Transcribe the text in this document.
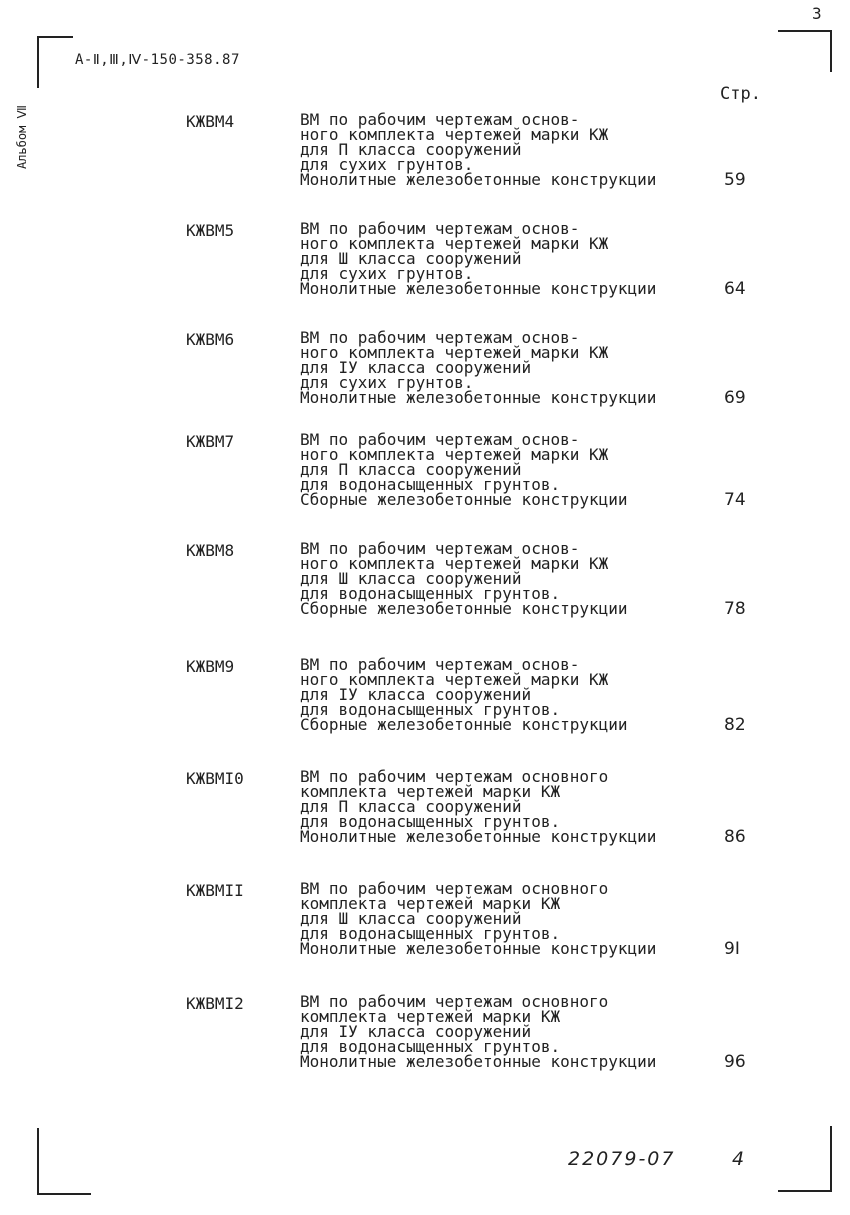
3
А-Ⅱ,Ⅲ,Ⅳ-150-358.87
Стр.
Альбом Ⅶ	КЖВМ4	ВМ по рабочим чертежам основ-
ного комплекта чертежей марки КЖ
для П класса сооружений
для сухих грунтов.
Монолитные железобетонные конструкции	59
КЖВМ5	ВМ по рабочим чертежам основ-
ного комплекта чертежей марки КЖ
для Ш класса сооружений
для сухих грунтов.
Монолитные железобетонные конструкции	64
КЖВМ6	ВМ по рабочим чертежам основ-
ного комплекта чертежей марки КЖ
для IУ класса сооружений
для сухих грунтов.
Монолитные железобетонные конструкции	69
КЖВМ7	ВМ по рабочим чертежам основ-
ного комплекта чертежей марки КЖ
для П класса сооружений
для водонасыщенных грунтов.
Сборные железобетонные конструкции	74
КЖВМ8	ВМ по рабочим чертежам основ-
ного комплекта чертежей марки КЖ
для Ш класса сооружений
для водонасыщенных грунтов.
Сборные железобетонные конструкции	78
КЖВМ9	ВМ по рабочим чертежам основ-
ного комплекта чертежей марки КЖ
для IУ класса сооружений
для водонасыщенных грунтов.
Сборные железобетонные конструкции	82
КЖВМI0	ВМ по рабочим чертежам основного
комплекта чертежей марки КЖ
для П класса сооружений
для водонасыщенных грунтов.
Монолитные железобетонные конструкции	86
КЖВМII	ВМ по рабочим чертежам основного
комплекта чертежей марки КЖ
для Ш класса сооружений
для водонасыщенных грунтов.
Монолитные железобетонные конструкции	9I
КЖВМI2	ВМ по рабочим чертежам основного
комплекта чертежей марки КЖ
для IУ класса сооружений
для водонасыщенных грунтов.
Монолитные железобетонные конструкции	96
22079-07	4
